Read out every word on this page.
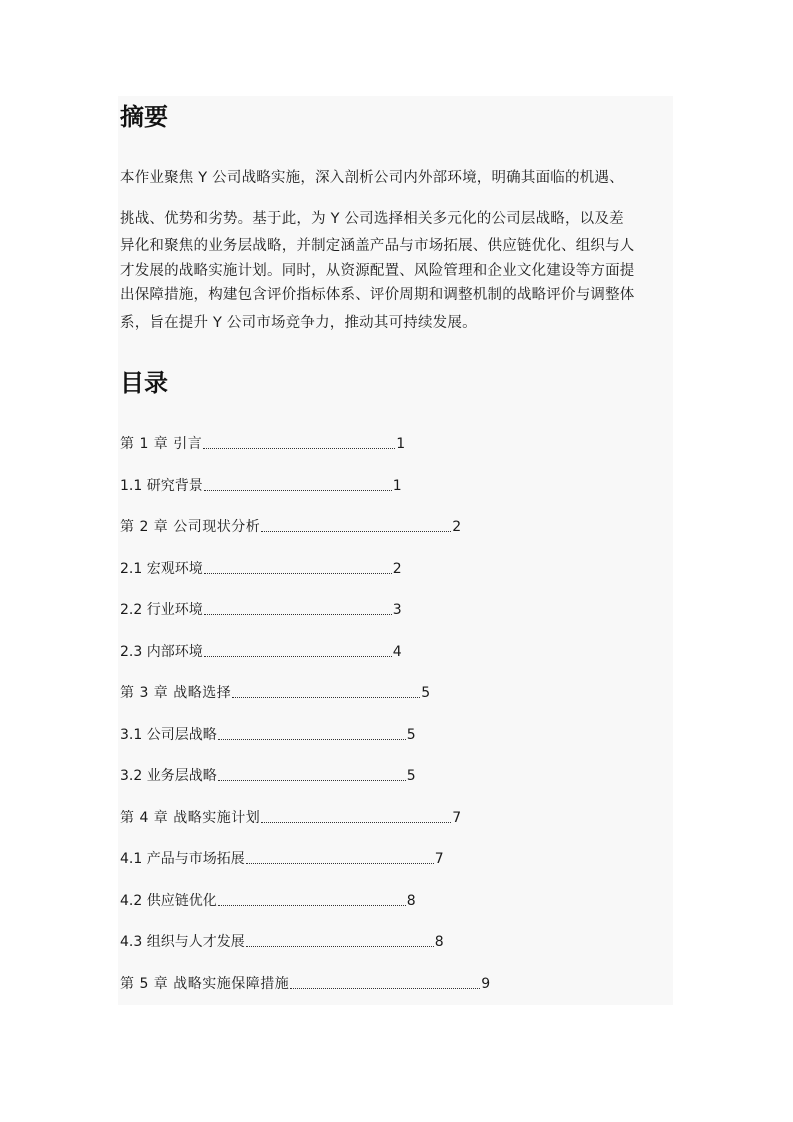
摘要
本作业聚焦 Y 公司战略实施，深入剖析公司内外部环境，明确其面临的机遇、
挑战、优势和劣势。基于此，为 Y 公司选择相关多元化的公司层战略，以及差
异化和聚焦的业务层战略，并制定涵盖产品与市场拓展、供应链优化、组织与人
才发展的战略实施计划。同时，从资源配置、风险管理和企业文化建设等方面提
出保障措施，构建包含评价指标体系、评价周期和调整机制的战略评价与调整体
系，旨在提升 Y 公司市场竞争力，推动其可持续发展。
目录
第 1 章 引言	1
1.1 研究背景	1
第 2 章 公司现状分析	2
2.1 宏观环境	2
2.2 行业环境	3
2.3 内部环境	4
第 3 章 战略选择	5
3.1 公司层战略	5
3.2 业务层战略	5
第 4 章 战略实施计划	7
4.1 产品与市场拓展	7
4.2 供应链优化	8
4.3 组织与人才发展	8
第 5 章 战略实施保障措施	9
